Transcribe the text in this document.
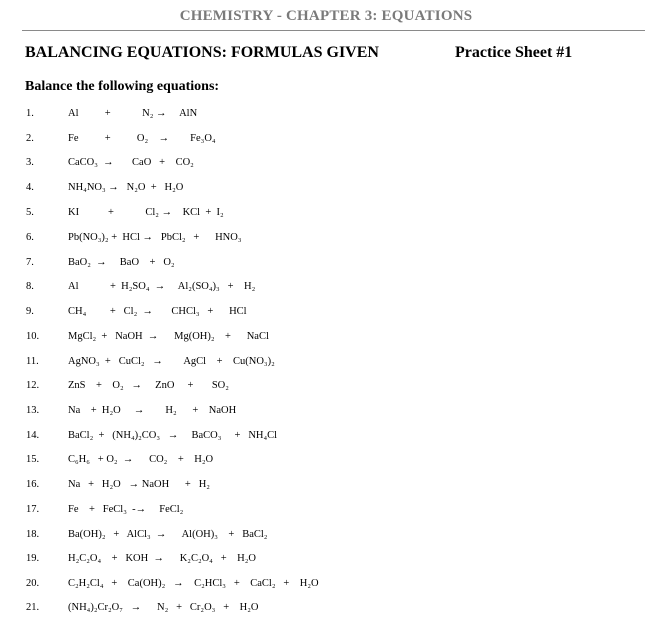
CHEMISTRY - CHAPTER 3: EQUATIONS
BALANCING EQUATIONS: FORMULAS GIVEN	Practice Sheet #1
Balance the following equations:
1.	Al          +            N₂ →     AlN
2.	Fe          +          O₂    →        Fe₃O₄
3.	CaCO₃  →       CaO   +    CO₂
4.	NH₄NO₃ →   N₂O  +   H₂O
5.	KI           +            Cl₂ →    KCl  +  I₂
6.	Pb(NO₃)₂ +  HCl →   PbCl₂   +      HNO₃
7.	BaO₂  →     BaO    +   O₂
8.	Al            +  H₂SO₄  →     Al₂(SO₄)₃   +    H₂
9.	CH₄         +   Cl₂  →       CHCl₃   +      HCl
10.	MgCl₂  +   NaOH  →      Mg(OH)₂    +      NaCl
11.	AgNO₃  +   CuCl₂   →        AgCl    +    Cu(NO₃)₂
12.	ZnS    +    O₂   →     ZnO     +       SO₂
13.	Na    +  H₂O     →        H₂      +    NaOH
14.	BaCl₂  +   (NH₄)₂CO₃   →     BaCO₃     +   NH₄Cl
15.	C₆H₆   + O₂  →      CO₂    +    H₂O
16.	Na   +   H₂O   → NaOH      +   H₂
17.	Fe    +   FeCl₃  -→     FeCl₂
18.	Ba(OH)₂   +   AlCl₃  →      Al(OH)₃    +   BaCl₂
19.	H₂C₂O₄    +   KOH  →      K₂C₂O₄   +    H₂O
20.	C₂H₂Cl₄   +    Ca(OH)₂   →    C₂HCl₃   +    CaCl₂   +    H₂O
21.	(NH₄)₂Cr₂O₇   →      N₂   +   Cr₂O₃   +    H₂O
